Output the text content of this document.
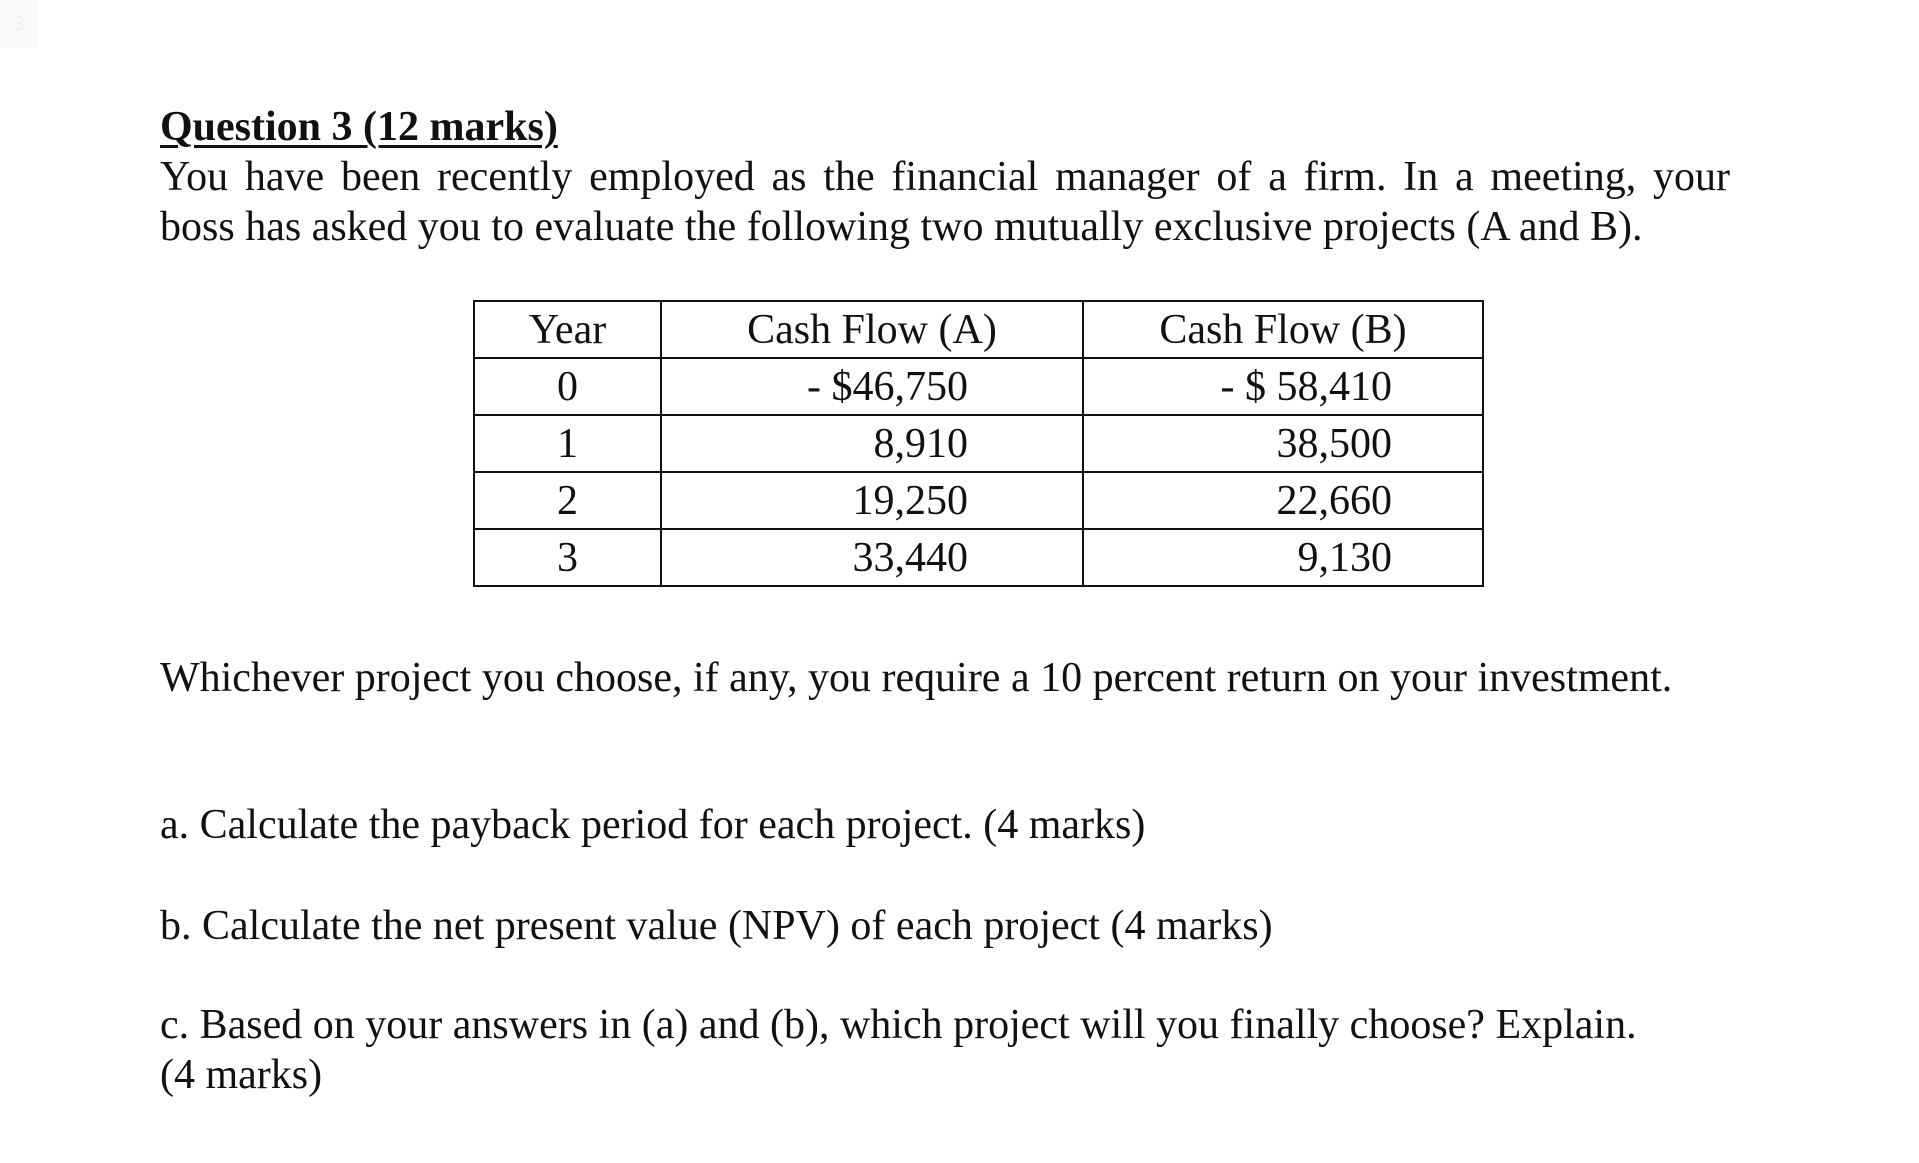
3
Question 3 (12 marks)
You have been recently employed as the financial manager of a firm. In a meeting, your
boss has asked you to evaluate the following two mutually exclusive projects (A and B).
Year	Cash Flow (A)	Cash Flow (B)
0	- $46,750	- $ 58,410
1	8,910	38,500
2	19,250	22,660
3	33,440	9,130
Whichever project you choose, if any, you require a 10 percent return on your investment.
a. Calculate the payback period for each project. (4 marks)
b. Calculate the net present value (NPV) of each project (4 marks)
c. Based on your answers in (a) and (b), which project will you finally choose? Explain.
(4 marks)
